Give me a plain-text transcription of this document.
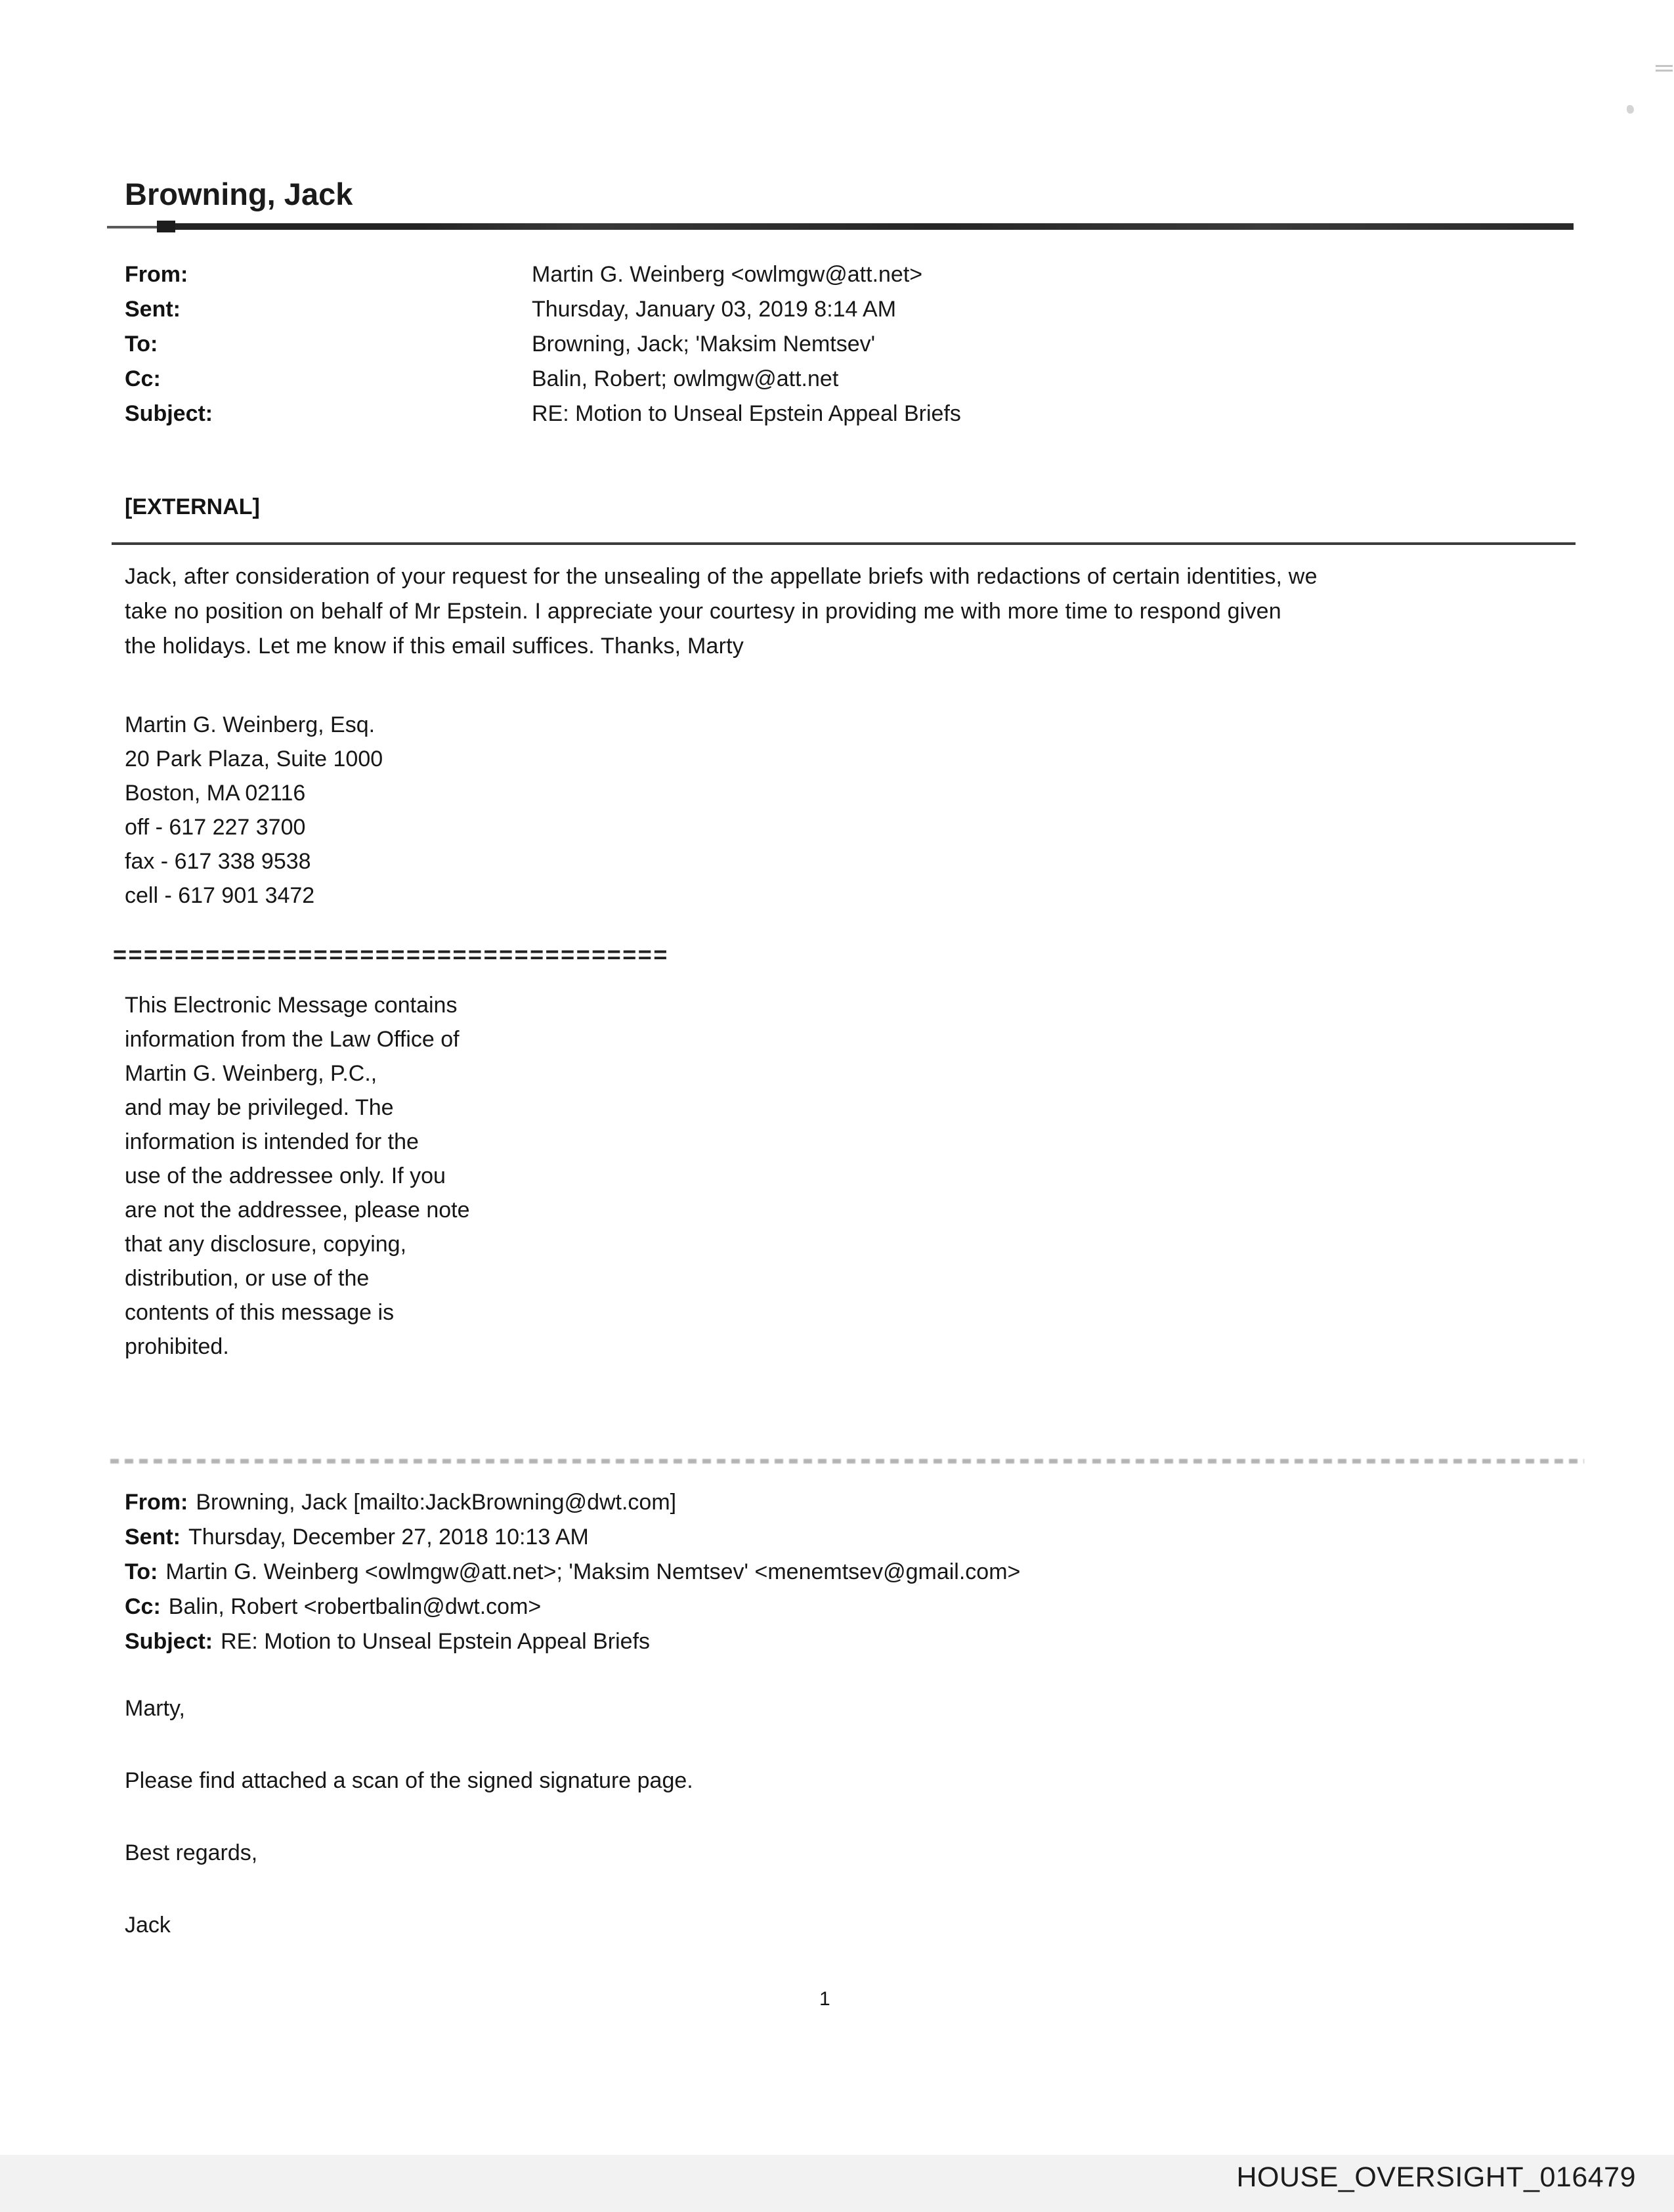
Browning, Jack
From:	Martin G. Weinberg <owlmgw@att.net>
Sent:	Thursday, January 03, 2019 8:14 AM
To:	Browning, Jack; 'Maksim Nemtsev'
Cc:	Balin, Robert; owlmgw@att.net
Subject:	RE: Motion to Unseal Epstein Appeal Briefs
[EXTERNAL]
Jack, after consideration of your request for the unsealing of the appellate briefs with redactions of certain identities, we
take no position on behalf of Mr Epstein. I appreciate your courtesy in providing me with more time to respond given
the holidays. Let me know if this email suffices. Thanks, Marty
Martin G. Weinberg, Esq.
20 Park Plaza, Suite 1000
Boston, MA 02116
off - 617 227 3700
fax - 617 338 9538
cell - 617 901 3472
====================================
This Electronic Message contains
information from the Law Office of
Martin G. Weinberg, P.C.,
and may be privileged. The
information is intended for the
use of the addressee only. If you
are not the addressee, please note
that any disclosure, copying,
distribution, or use of the
contents of this message is
prohibited.
From: Browning, Jack [mailto:JackBrowning@dwt.com]
Sent: Thursday, December 27, 2018 10:13 AM
To: Martin G. Weinberg <owlmgw@att.net>; 'Maksim Nemtsev' <menemtsev@gmail.com>
Cc: Balin, Robert <robertbalin@dwt.com>
Subject: RE: Motion to Unseal Epstein Appeal Briefs
Marty,
Please find attached a scan of the signed signature page.
Best regards,
Jack
1
HOUSE_OVERSIGHT_016479
